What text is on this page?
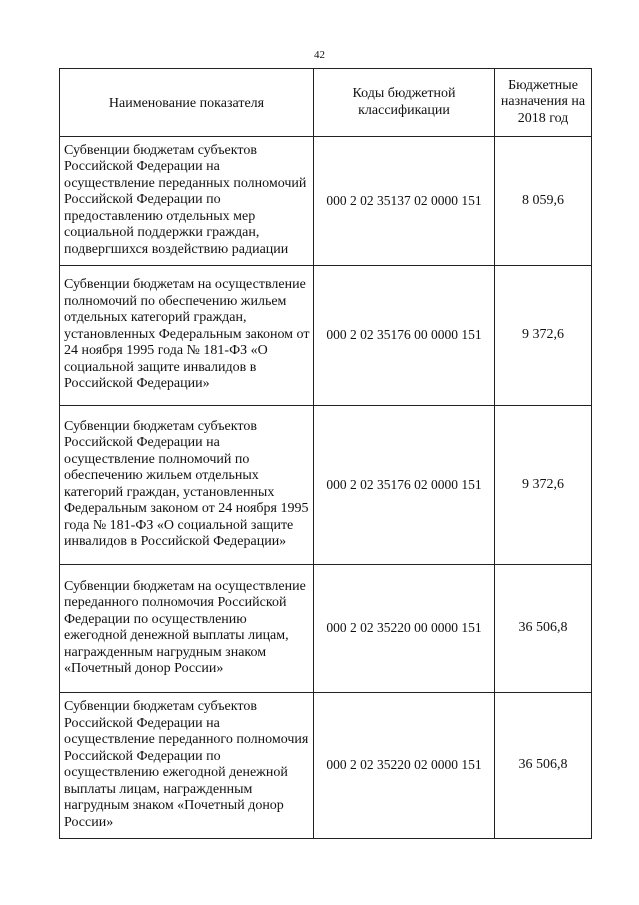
42
Наименование показателя	Коды бюджетной классификации	Бюджетные назначения на 2018 год
Субвенции бюджетам субъектов Российской Федерации на осуществление переданных полномочий Российской Федерации по предоставлению отдельных мер социальной поддержки граждан, подвергшихся воздействию радиации	000 2 02 35137 02 0000 151	8 059,6
Субвенции бюджетам на осуществление полномочий по обеспечению жильем отдельных категорий граждан, установленных Федеральным законом от 24 ноября 1995 года № 181-ФЗ «О социальной защите инвалидов в Российской Федерации»	000 2 02 35176 00 0000 151	9 372,6
Субвенции бюджетам субъектов Российской Федерации на осуществление полномочий по обеспечению жильем отдельных категорий граждан, установленных Федеральным законом от 24 ноября 1995 года № 181-ФЗ «О социальной защите инвалидов в Российской Федерации»	000 2 02 35176 02 0000 151	9 372,6
Субвенции бюджетам на осуществление переданного полномочия Российской Федерации по осуществлению ежегодной денежной выплаты лицам, награжденным нагрудным знаком «Почетный донор России»	000 2 02 35220 00 0000 151	36 506,8
Субвенции бюджетам субъектов Российской Федерации на осуществление переданного полномочия Российской Федерации по осуществлению ежегодной денежной выплаты лицам, награжденным нагрудным знаком «Почетный донор России»	000 2 02 35220 02 0000 151	36 506,8
